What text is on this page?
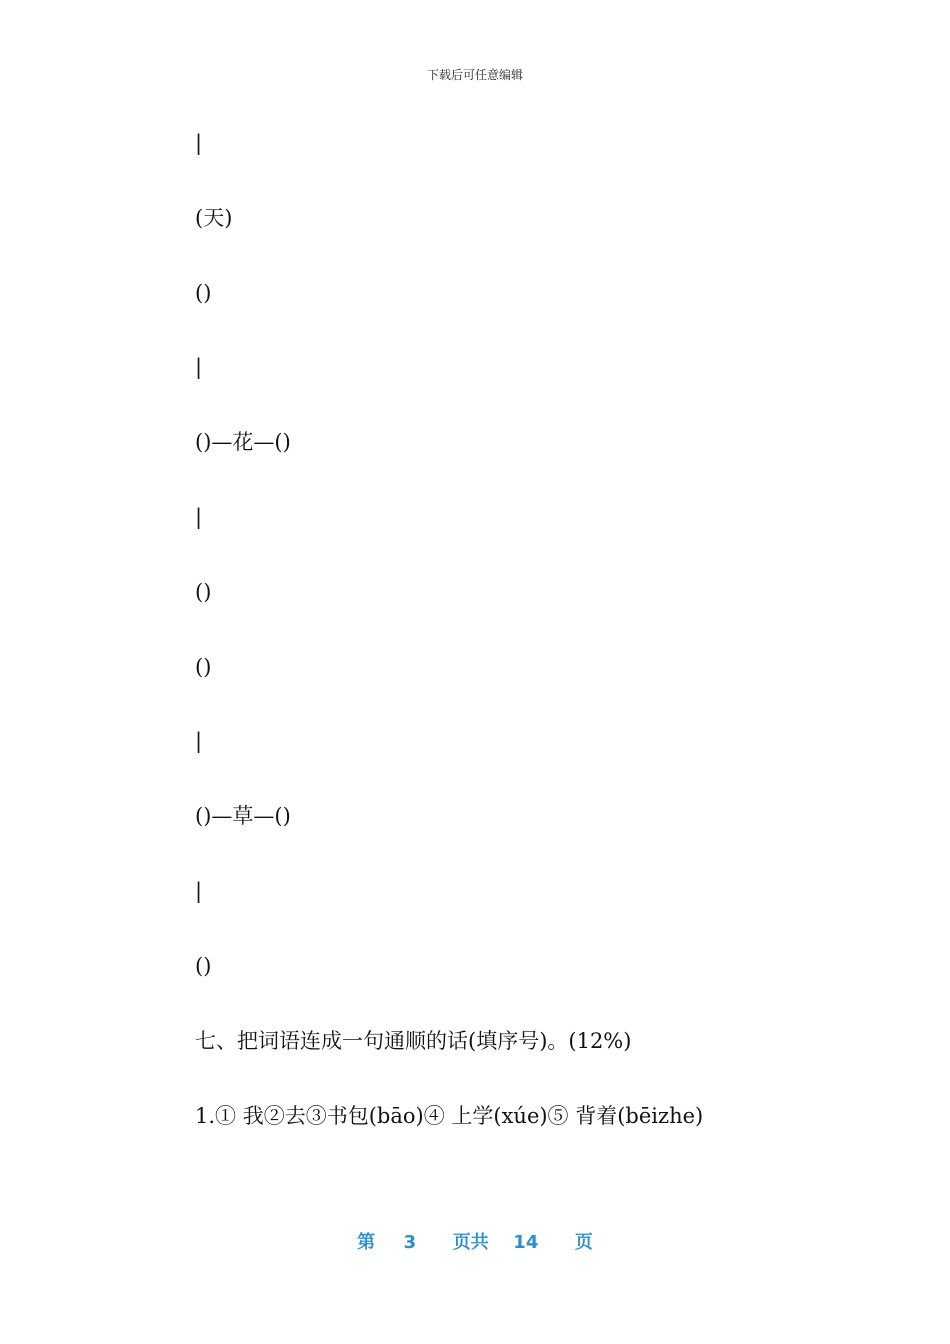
下载后可任意编辑
|
(天)
()
|
()—花—()
|
()
()
|
()—草—()
|
()
七、把词语连成一句通顺的话(填序号)。(12%)
1.① 我②去③书包(bāo)④ 上学(xúe)⑤ 背着(bēizhe)
第 3 页共 14 页
